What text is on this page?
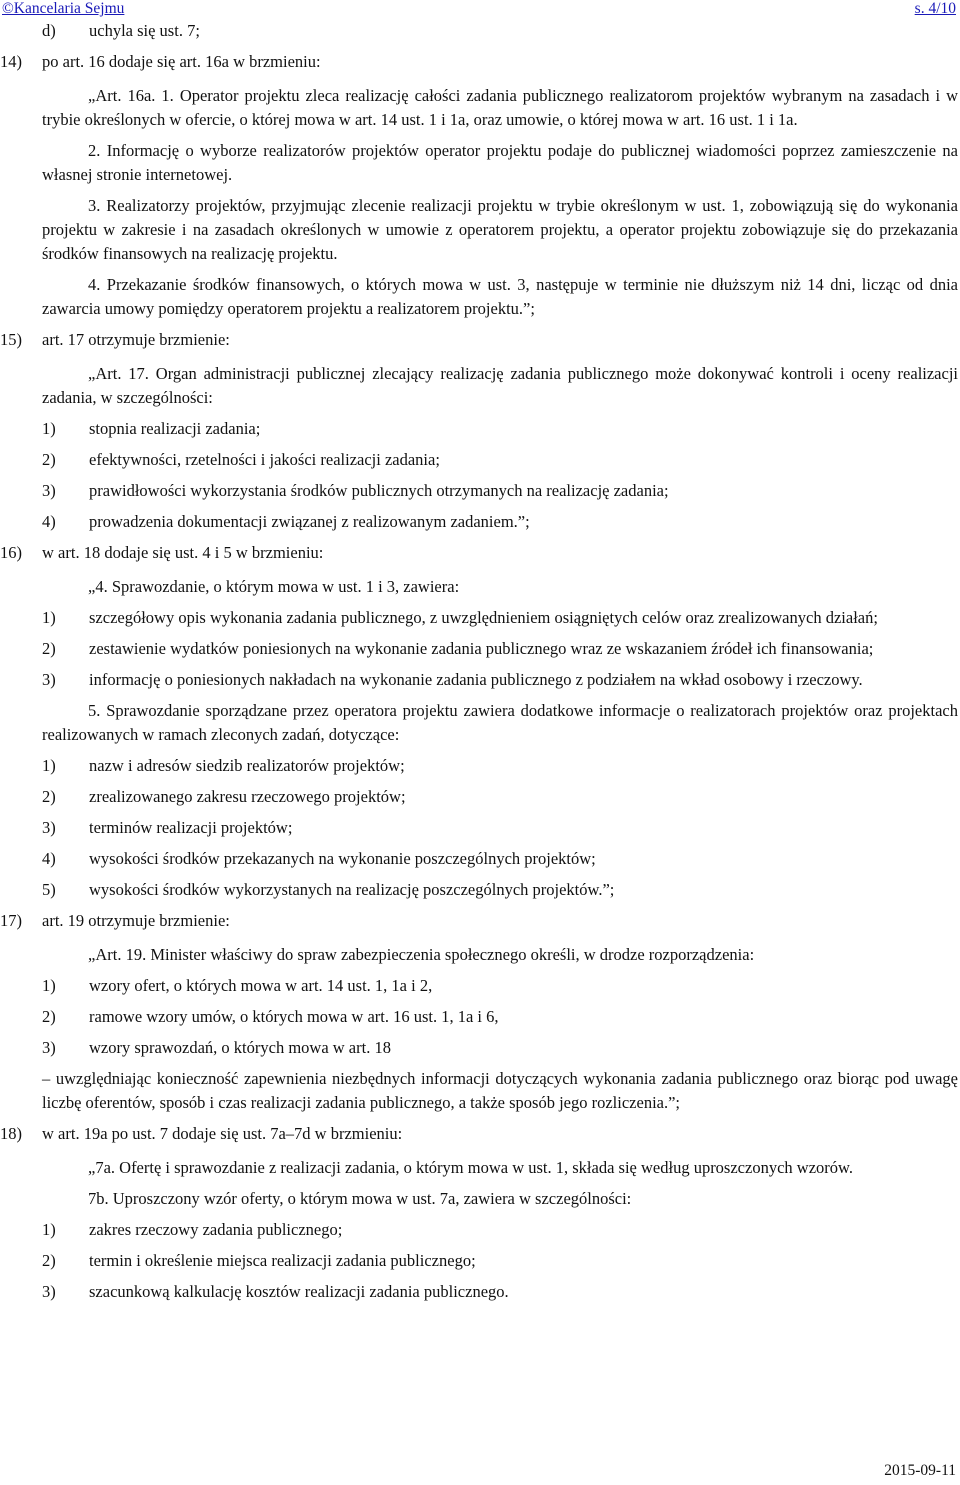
©Kancelaria Sejmu	s. 4/10
d) uchyla się ust. 7;
14) po art. 16 dodaje się art. 16a w brzmieniu:

„Art. 16a. 1. Operator projektu zleca realizację całości zadania publicznego realizatorom projektów wybranym na zasadach i w trybie określonych w ofercie, o której mowa w art. 14 ust. 1 i 1a, oraz umowie, o której mowa w art. 16 ust. 1 i 1a.

2. Informację o wyborze realizatorów projektów operator projektu podaje do publicznej wiadomości poprzez zamieszczenie na własnej stronie internetowej.

3. Realizatorzy projektów, przyjmując zlecenie realizacji projektu w trybie określonym w ust. 1, zobowiązują się do wykonania projektu w zakresie i na zasadach określonych w umowie z operatorem projektu, a operator projektu zobowiązuje się do przekazania środków finansowych na realizację projektu.

4. Przekazanie środków finansowych, o których mowa w ust. 3, następuje w terminie nie dłuższym niż 14 dni, licząc od dnia zawarcia umowy pomiędzy operatorem projektu a realizatorem projektu.”;

15) art. 17 otrzymuje brzmienie:

„Art. 17. Organ administracji publicznej zlecający realizację zadania publicznego może dokonywać kontroli i oceny realizacji zadania, w szczególności:

1) stopnia realizacji zadania;
2) efektywności, rzetelności i jakości realizacji zadania;
3) prawidłowości wykorzystania środków publicznych otrzymanych na realizację zadania;
4) prowadzenia dokumentacji związanej z realizowanym zadaniem.”;
16) w art. 18 dodaje się ust. 4 i 5 w brzmieniu:

„4. Sprawozdanie, o którym mowa w ust. 1 i 3, zawiera:

1) szczegółowy opis wykonania zadania publicznego, z uwzględnieniem osiągniętych celów oraz zrealizowanych działań;
2) zestawienie wydatków poniesionych na wykonanie zadania publicznego wraz ze wskazaniem źródeł ich finansowania;
3) informację o poniesionych nakładach na wykonanie zadania publicznego z podziałem na wkład osobowy i rzeczowy.

5. Sprawozdanie sporządzane przez operatora projektu zawiera dodatkowe informacje o realizatorach projektów oraz projektach realizowanych w ramach zleconych zadań, dotyczące:

1) nazw i adresów siedzib realizatorów projektów;
2) zrealizowanego zakresu rzeczowego projektów;
3) terminów realizacji projektów;
4) wysokości środków przekazanych na wykonanie poszczególnych projektów;
5) wysokości środków wykorzystanych na realizację poszczególnych projektów.”;
17) art. 19 otrzymuje brzmienie:

„Art. 19. Minister właściwy do spraw zabezpieczenia społecznego określi, w drodze rozporządzenia:

1) wzory ofert, o których mowa w art. 14 ust. 1, 1a i 2,
2) ramowe wzory umów, o których mowa w art. 16 ust. 1, 1a i 6,
3) wzory sprawozdań, o których mowa w art. 18

– uwzględniając konieczność zapewnienia niezbędnych informacji dotyczących wykonania zadania publicznego oraz biorąc pod uwagę liczbę oferentów, sposób i czas realizacji zadania publicznego, a także sposób jego rozliczenia.”;

18) w art. 19a po ust. 7 dodaje się ust. 7a–7d w brzmieniu:

„7a. Ofertę i sprawozdanie z realizacji zadania, o którym mowa w ust. 1, składa się według uproszczonych wzorów.

7b. Uproszczony wzór oferty, o którym mowa w ust. 7a, zawiera w szczególności:

1) zakres rzeczowy zadania publicznego;
2) termin i określenie miejsca realizacji zadania publicznego;
3) szacunkową kalkulację kosztów realizacji zadania publicznego.
2015-09-11
